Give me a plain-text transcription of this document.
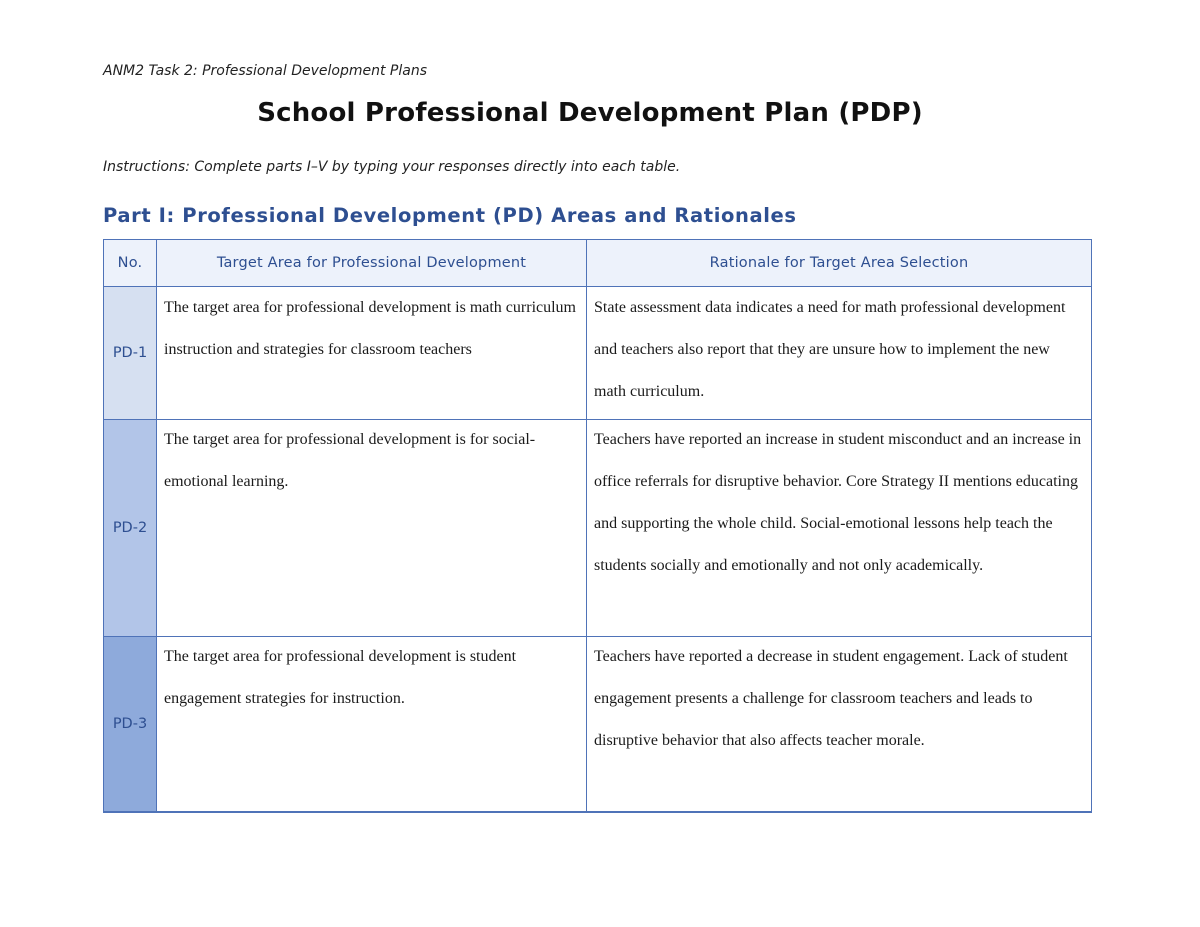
ANM2 Task 2: Professional Development Plans
School Professional Development Plan (PDP)
Instructions: Complete parts I–V by typing your responses directly into each table.
Part I: Professional Development (PD) Areas and Rationales
No.	Target Area for Professional Development	Rationale for Target Area Selection
PD-1	The target area for professional development is math curriculum instruction and strategies for classroom teachers	State assessment data indicates a need for math professional development and teachers also report that they are unsure how to implement the new math curriculum.

PD-2	The target area for professional development is for social-emotional learning.	Teachers have reported an increase in student misconduct and an increase in office referrals for disruptive behavior. Core Strategy II mentions educating and supporting the whole child. Social-emotional lessons help teach the students socially and emotionally and not only academically.

PD-3	The target area for professional development is student engagement strategies for instruction.	Teachers have reported a decrease in student engagement. Lack of student engagement presents a challenge for classroom teachers and leads to disruptive behavior that also affects teacher morale.
